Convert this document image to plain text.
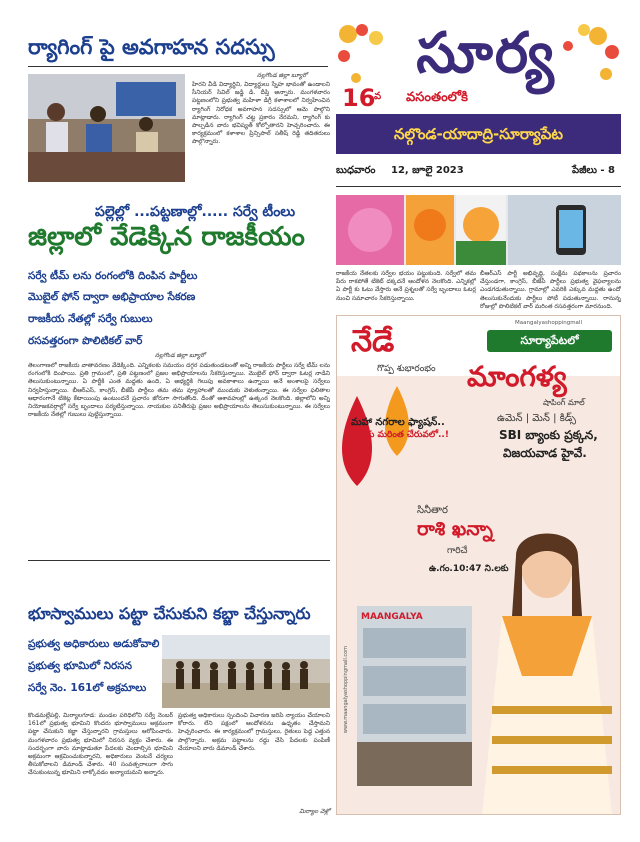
ర్యాగింగ్ పై అవగాహన సదస్సు
నల్లగొండ జిల్లా బ్యూరో
హిరని వీడి విద్యార్థిని, విద్యార్థులు స్నేహ భావంతో ఉండాలని సీనియర్ సివిల్ జడ్జి డి. దీప్తి అన్నారు. మంగళవారం పట్టణంలోని ప్రభుత్వ మహిళా డిగ్రీ కళాశాలలో నిర్వహించిన ర్యాగింగ్ నిరోధక అవగాహన సదస్సులో ఆమె పాల్గొని మాట్లాడారు. ర్యాగింగ్ చట్ట ప్రకారం నేరమని, ర్యాగింగ్ కు పాల్పడిన వారు భవిష్యత్ కోల్పోతారని హెచ్చరించారు. ఈ కార్యక్రమంలో కళాశాల ప్రిన్సిపాల్ సతీష్ రెడ్డి తదితరులు పాల్గొన్నారు.
సూర్య
16
వ వసంతంలోకి
నల్గొండ-యాదాద్రి-సూర్యాపేట
బుధవారం 12, జూలై 2023	పేజీలు - 8
పల్లెల్లో ...పట్టణాల్లో..... సర్వే టీంలు
జిల్లాలో వేడెక్కిన రాజకీయం
సర్వే టీమ్ లను రంగంలోకి దింపిన పార్టీలు
మొబైల్ ఫోన్ ద్వారా అభిప్రాయాల సేకరణ
రాజకీయ నేతల్లో సర్వే గుబులు
రసవత్తరంగా పొలిటికల్ వార్
నల్లగొండ జిల్లా బ్యూరో
తెలంగాణలో రాజకీయ వాతావరణం వేడెక్కింది. ఎన్నికలకు సమయం దగ్గర పడుతుండటంతో అన్ని రాజకీయ పార్టీలు సర్వే టీమ్ లను రంగంలోకి దింపాయి. ప్రతి గ్రామంలో, ప్రతి పట్టణంలో ప్రజల అభిప్రాయాలను సేకరిస్తున్నాయి. మొబైల్ ఫోన్ ద్వారా ఓటర్ల నాడిని తెలుసుకుంటున్నాయి. ఏ పార్టీకి ఎంత మద్దతు ఉంది, ఏ అభ్యర్థికి గెలుపు అవకాశాలు ఉన్నాయి అనే అంశాలపై సర్వేలు నిర్వహిస్తున్నాయి. బీఆర్ఎస్, కాంగ్రెస్, బీజేపీ పార్టీలు తమ తమ వ్యూహాలతో ముందుకు వెళుతున్నాయి. ఈ సర్వేల ఫలితాల ఆధారంగానే టికెట్ల కేటాయింపు ఉంటుందనే ప్రచారం జోరుగా సాగుతోంది. దీంతో ఆశావహుల్లో ఉత్కంఠ నెలకొంది. జిల్లాలోని అన్ని నియోజకవర్గాల్లో సర్వే బృందాలు పర్యటిస్తున్నాయి. నాయకుల పనితీరుపై ప్రజల అభిప్రాయాలను తెలుసుకుంటున్నాయి. ఈ సర్వేలు రాజకీయ నేతల్లో గుబులు పుట్టిస్తున్నాయి.
రాజకీయ నేతలకు సర్వేల భయం పట్టుకుంది. సర్వేలో తమ పేరు రాకపోతే టికెట్ దక్కదనే ఆందోళన నెలకొంది. ఎన్నికల్లో ఏ పార్టీ కు ఓటు వేస్తారు అనే ప్రశ్నలతో సర్వే బృందాలు ఓటర్ల నుంచి సమాచారం సేకరిస్తున్నాయి.
బీఆర్ఎస్ పార్టీ అభివృద్ధి, సంక్షేమ పథకాలను ప్రచారం చేస్తుండగా, కాంగ్రెస్, బీజేపీ పార్టీలు ప్రభుత్వ వైఫల్యాలను ఎండగడుతున్నాయి. గ్రామాల్లో ఎవరికి ఎక్కువ మద్దతు ఉందో తెలుసుకునేందుకు పార్టీలు పోటీ పడుతున్నాయి. రానున్న రోజుల్లో పొలిటికల్ వార్ మరింత రసవత్తరంగా మారనుంది.
నేడే
గొప్ప శుభారంభం
Maangalyashoppingmall
సూర్యాపేటలో
మాంగళ్య
షాపింగ్ మాల్
ఉమెన్ | మెన్ | కిడ్స్
మహా నగరాల ఫ్యాషన్..
మీకు మరింత చేరువలో..!	SBI బ్యాంకు ప్రక్కన,
విజయవాడ హైవే.
సినీతార
రాశి ఖన్నా
గారిచే
ఉ.గం.10:47 ని.లకు
MAANGALYA
www.maangalyashoppingmall.com
భూస్వాములు పట్టా చేసుకుని కబ్జా చేస్తున్నారు
ప్రభుత్వ అధికారులు అడుకోవాలి
ప్రభుత్వ భూమిలో నిరసన
సర్వే నెం. 161లో అక్రమాలు
కొండమల్లేపల్లి, మిర్యాలగూడ: మండల పరిధిలోని సర్వే నెంబర్ 161లో ప్రభుత్వ భూమిని కొందరు భూస్వాములు అక్రమంగా పట్టా చేసుకుని కబ్జా చేస్తున్నారని గ్రామస్తులు ఆరోపించారు. మంగళవారం ప్రభుత్వ భూమిలో నిరసన వ్యక్తం చేశారు. ఈ సందర్భంగా వారు మాట్లాడుతూ పేదలకు చెందాల్సిన భూమిని అక్రమంగా ఆక్రమించుకున్నారని, అధికారులు వెంటనే చర్యలు తీసుకోవాలని డిమాండ్ చేశారు. 40 సంవత్సరాలుగా సాగు చేసుకుంటున్న భూమిని లాక్కోవడం అన్యాయమని అన్నారు.
ప్రభుత్వ అధికారులు స్పందించి విచారణ జరిపి న్యాయం చేయాలని కోరారు. లేని పక్షంలో ఆందోళనను ఉధృతం చేస్తామని హెచ్చరించారు. ఈ కార్యక్రమంలో గ్రామస్తులు, రైతులు పెద్ద ఎత్తున పాల్గొన్నారు. అక్రమ పట్టాలను రద్దు చేసి పేదలకు పంపిణీ చేయాలని వారు డిమాండ్ చేశారు.
మిర్యాల వెళ్లో
